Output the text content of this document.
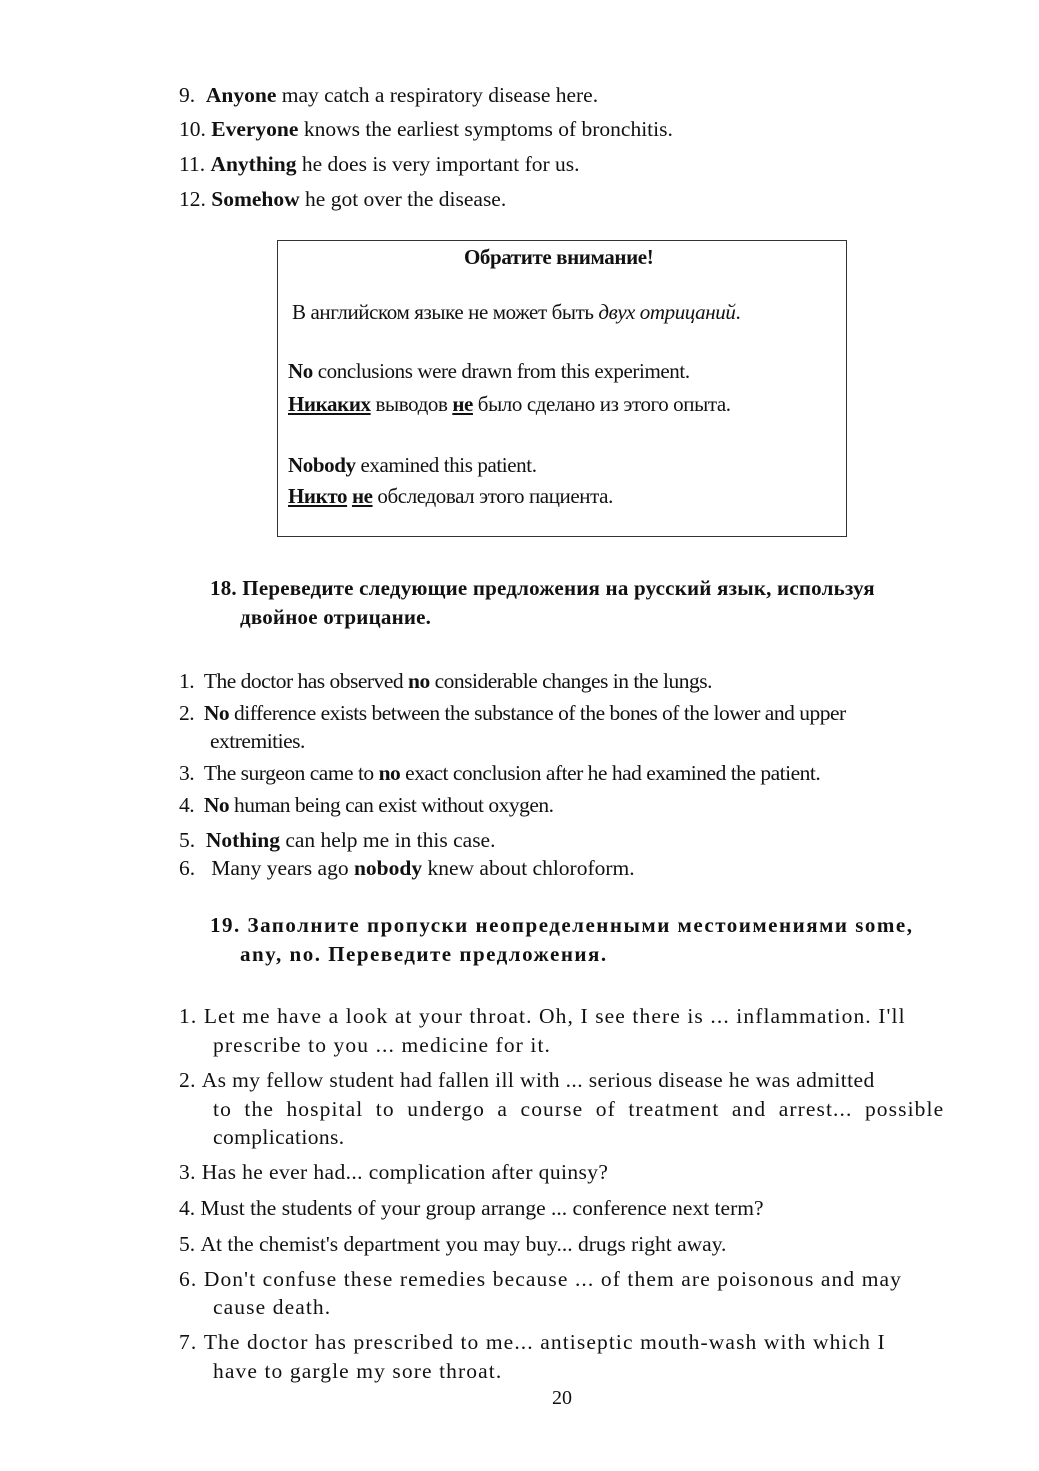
9. Anyone may catch a respiratory disease here.
10. Everyone knows the earliest symptoms of bronchitis.
11. Anything he does is very important for us.
12. Somehow he got over the disease.
Обратите внимание!
В английском языке не может быть двух отрицаний.
No conclusions were drawn from this experiment.
Никаких выводов не было сделано из этого опыта.
Nobody examined this patient.
Никто не обследовал этого пациента.
18. Переведите следующие предложения на русский язык, используя
двойное отрицание.
1. The doctor has observed no considerable changes in the lungs.
2. No difference exists between the substance of the bones of the lower and upper
extremities.
3. The surgeon came to no exact conclusion after he had examined the patient.
4. No human being can exist without oxygen.
5. Nothing can help me in this case.
6.   Many years ago nobody knew about chloroform.
19. Заполните пропуски неопределенными местоимениями some,
any, no. Переведите предложения.
1. Let me have a look at your throat. Oh, I see there is ... inflammation. I'll
prescribe to you ... medicine for it.
2. As my fellow student had fallen ill with ... serious disease he was admitted
to the hospital to undergo a course of treatment and arrest... possible
complications.
3. Has he ever had... complication after quinsy?
4. Must the students of your group arrange ... conference next term?
5. At the chemist's department you may buy... drugs right away.
6. Don't confuse these remedies because ... of them are poisonous and may
cause death.
7. The doctor has prescribed to me... antiseptic mouth-wash with which I
have to gargle my sore throat.
20
